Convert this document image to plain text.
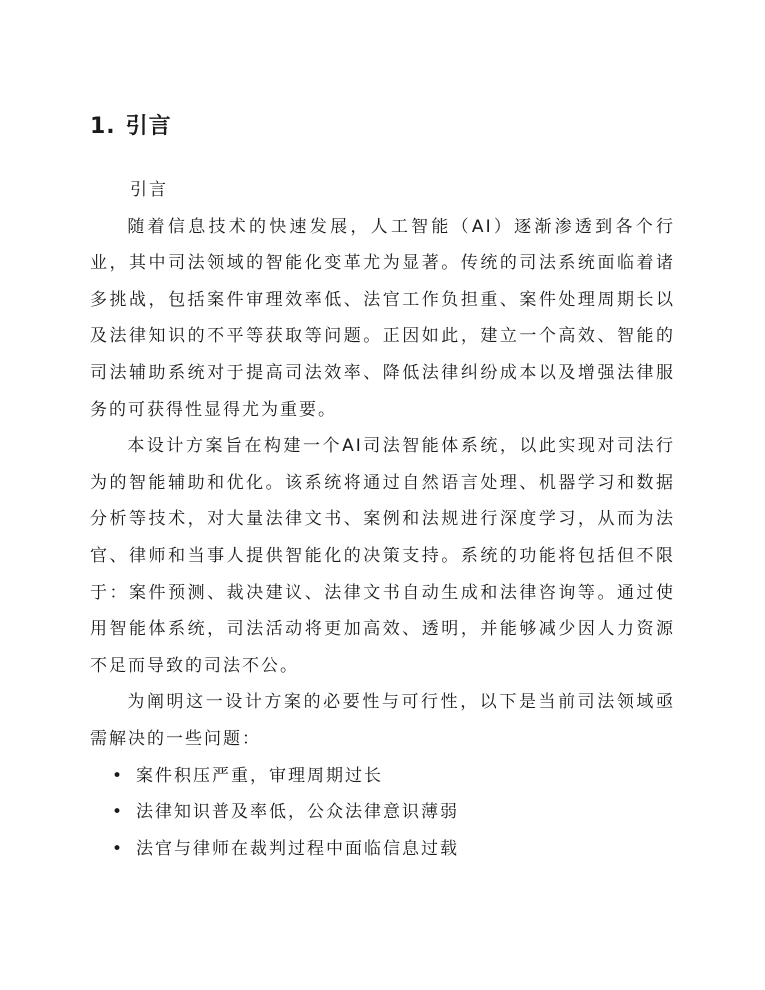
1. 引言
引言

随着信息技术的快速发展，人工智能（AI）逐渐渗透到各个行业，其中司法领域的智能化变革尤为显著。传统的司法系统面临着诸多挑战，包括案件审理效率低、法官工作负担重、案件处理周期长以及法律知识的不平等获取等问题。正因如此，建立一个高效、智能的司法辅助系统对于提高司法效率、降低法律纠纷成本以及增强法律服务的可获得性显得尤为重要。

本设计方案旨在构建一个AI司法智能体系统，以此实现对司法行为的智能辅助和优化。该系统将通过自然语言处理、机器学习和数据分析等技术，对大量法律文书、案例和法规进行深度学习，从而为法官、律师和当事人提供智能化的决策支持。系统的功能将包括但不限于：案件预测、裁决建议、法律文书自动生成和法律咨询等。通过使用智能体系统，司法活动将更加高效、透明，并能够减少因人力资源不足而导致的司法不公。

为阐明这一设计方案的必要性与可行性，以下是当前司法领域亟需解决的一些问题：

• 案件积压严重，审理周期过长
• 法律知识普及率低，公众法律意识薄弱
• 法官与律师在裁判过程中面临信息过载
